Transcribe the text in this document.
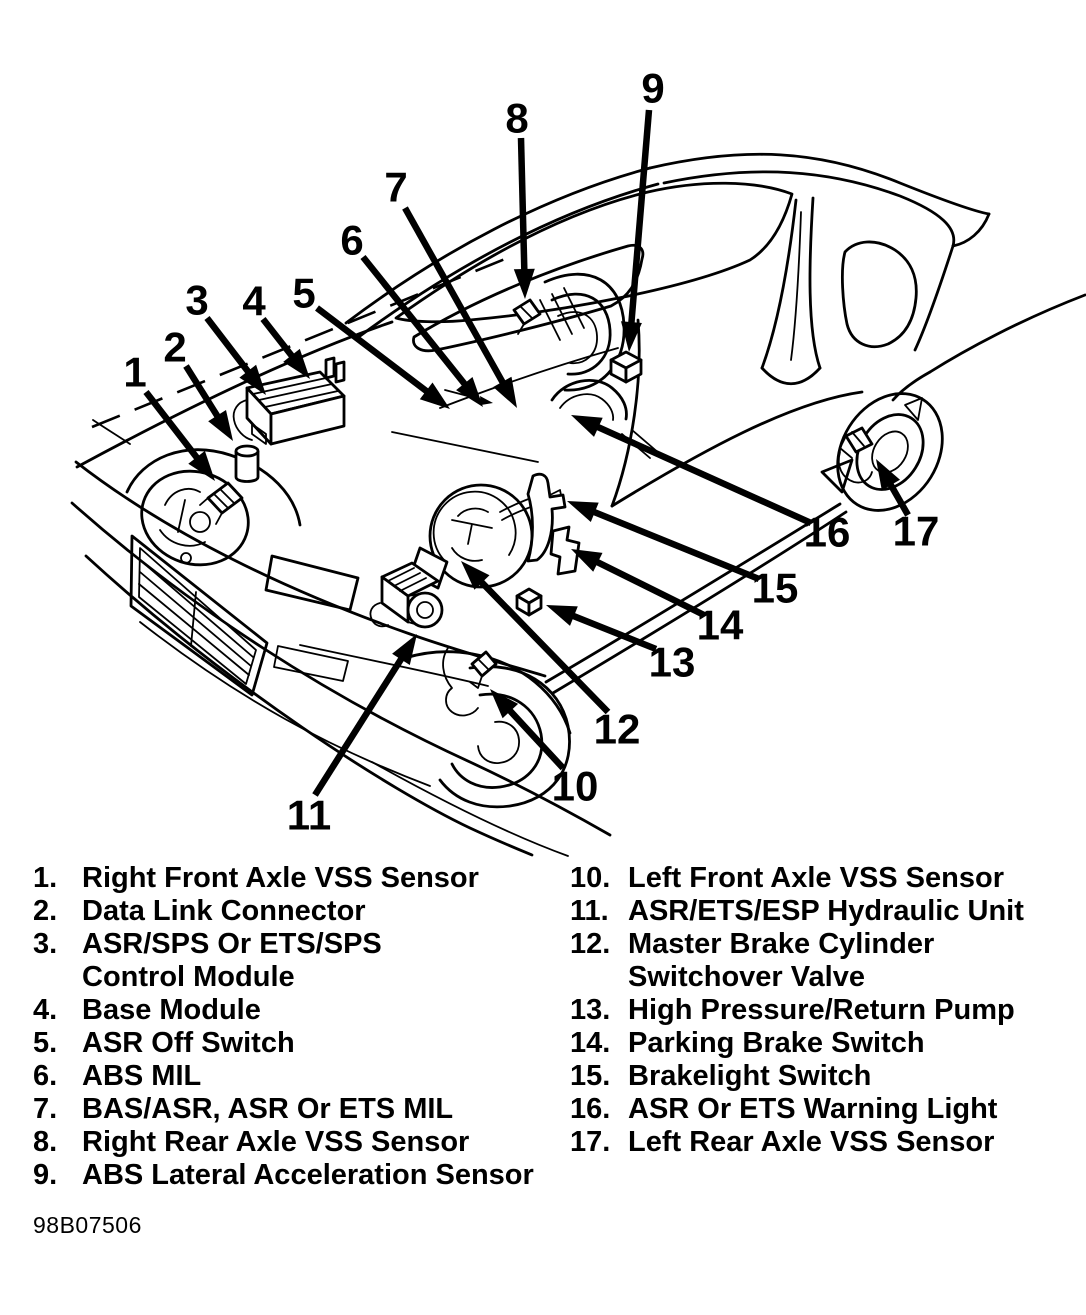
1
2
3 4 5
6
7
8
9
10
11
12
13
14
15
16 17
1. Right Front Axle VSS Sensor
2. Data Link Connector
3. ASR/SPS Or ETS/SPS
Control Module
4. Base Module
5. ASR Off Switch
6. ABS MIL
7. BAS/ASR, ASR Or ETS MIL
8. Right Rear Axle VSS Sensor
9. ABS Lateral Acceleration Sensor
10. Left Front Axle VSS Sensor
11. ASR/ETS/ESP Hydraulic Unit
12. Master Brake Cylinder
Switchover Valve
13. High Pressure/Return Pump
14. Parking Brake Switch
15. Brakelight Switch
16. ASR Or ETS Warning Light
17. Left Rear Axle VSS Sensor
98B07506
